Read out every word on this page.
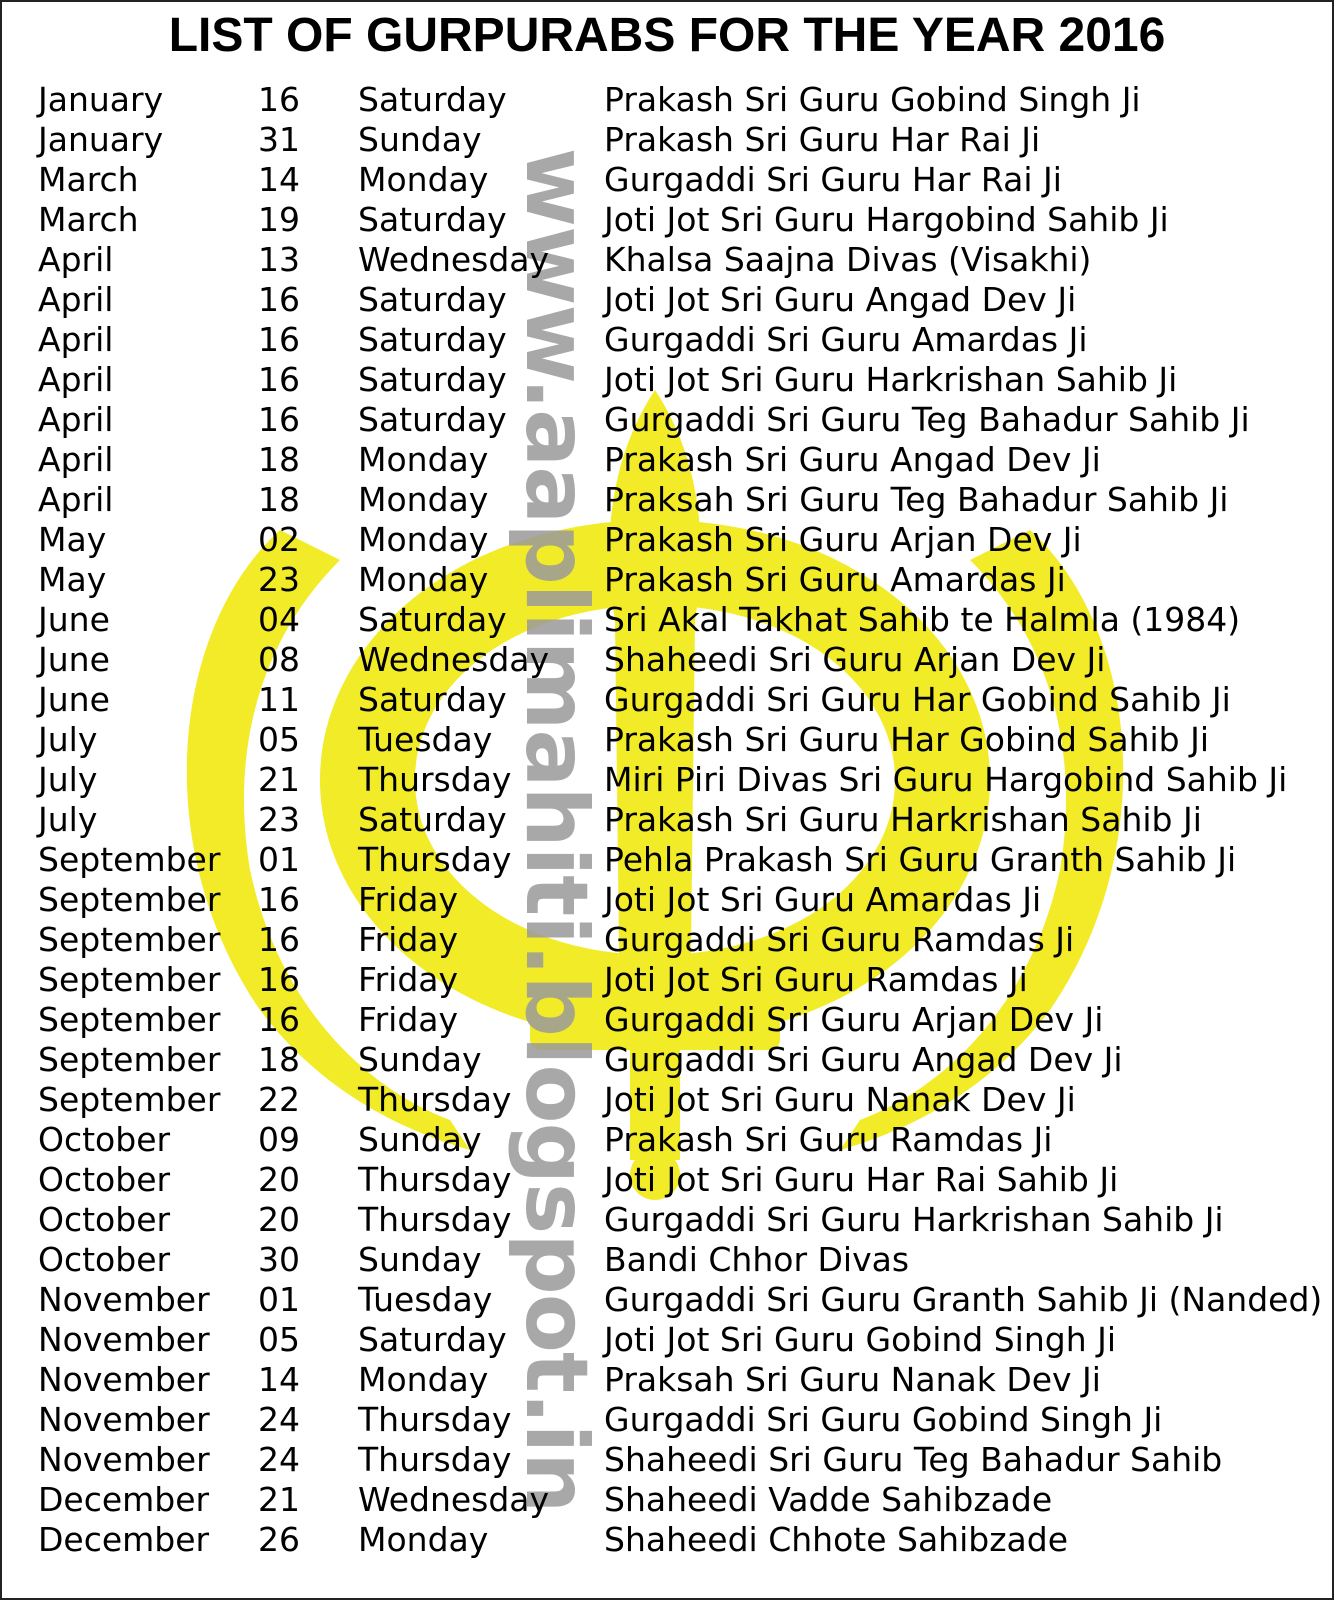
www.aaplimahiti.blogspot.in
LIST OF GURPURABS FOR THE YEAR 2016
January	16 Saturday	Prakash Sri Guru Gobind Singh Ji
January	31 Sunday	Prakash Sri Guru Har Rai Ji
March	14 Monday	Gurgaddi Sri Guru Har Rai Ji
March	19 Saturday	Joti Jot Sri Guru Hargobind Sahib Ji
April	13 Wednesday Khalsa Saajna Divas (Visakhi)
April	16 Saturday	Joti Jot Sri Guru Angad Dev Ji
April	16 Saturday	Gurgaddi Sri Guru Amardas Ji
April	16 Saturday	Joti Jot Sri Guru Harkrishan Sahib Ji
April	16 Saturday	Gurgaddi Sri Guru Teg Bahadur Sahib Ji
April	18 Monday	Prakash Sri Guru Angad Dev Ji
April	18 Monday	Praksah Sri Guru Teg Bahadur Sahib Ji
May	02 Monday	Prakash Sri Guru Arjan Dev Ji
May	23 Monday	Prakash Sri Guru Amardas Ji
June	04 Saturday	Sri Akal Takhat Sahib te Halmla (1984)
June	08 Wednesday Shaheedi Sri Guru Arjan Dev Ji
June	11 Saturday	Gurgaddi Sri Guru Har Gobind Sahib Ji
July	05 Tuesday	Prakash Sri Guru Har Gobind Sahib Ji
July	21 Thursday	Miri Piri Divas Sri Guru Hargobind Sahib Ji
July	23 Saturday	Prakash Sri Guru Harkrishan Sahib Ji
September 01 Thursday	Pehla Prakash Sri Guru Granth Sahib Ji
September 16 Friday	Joti Jot Sri Guru Amardas Ji
September 16 Friday	Gurgaddi Sri Guru Ramdas Ji
September 16 Friday	Joti Jot Sri Guru Ramdas Ji
September 16 Friday	Gurgaddi Sri Guru Arjan Dev Ji
September 18 Sunday	Gurgaddi Sri Guru Angad Dev Ji
September 22 Thursday	Joti Jot Sri Guru Nanak Dev Ji
October	09 Sunday	Prakash Sri Guru Ramdas Ji
October	20 Thursday	Joti Jot Sri Guru Har Rai Sahib Ji
October	20 Thursday	Gurgaddi Sri Guru Harkrishan Sahib Ji
October	30 Sunday	Bandi Chhor Divas
November 01 Tuesday	Gurgaddi Sri Guru Granth Sahib Ji (Nanded)
November 05 Saturday	Joti Jot Sri Guru Gobind Singh Ji
November 14 Monday	Praksah Sri Guru Nanak Dev Ji
November 24 Thursday	Gurgaddi Sri Guru Gobind Singh Ji
November 24 Thursday	Shaheedi Sri Guru Teg Bahadur Sahib
December 21 Wednesday Shaheedi Vadde Sahibzade
December 26 Monday	Shaheedi Chhote Sahibzade
